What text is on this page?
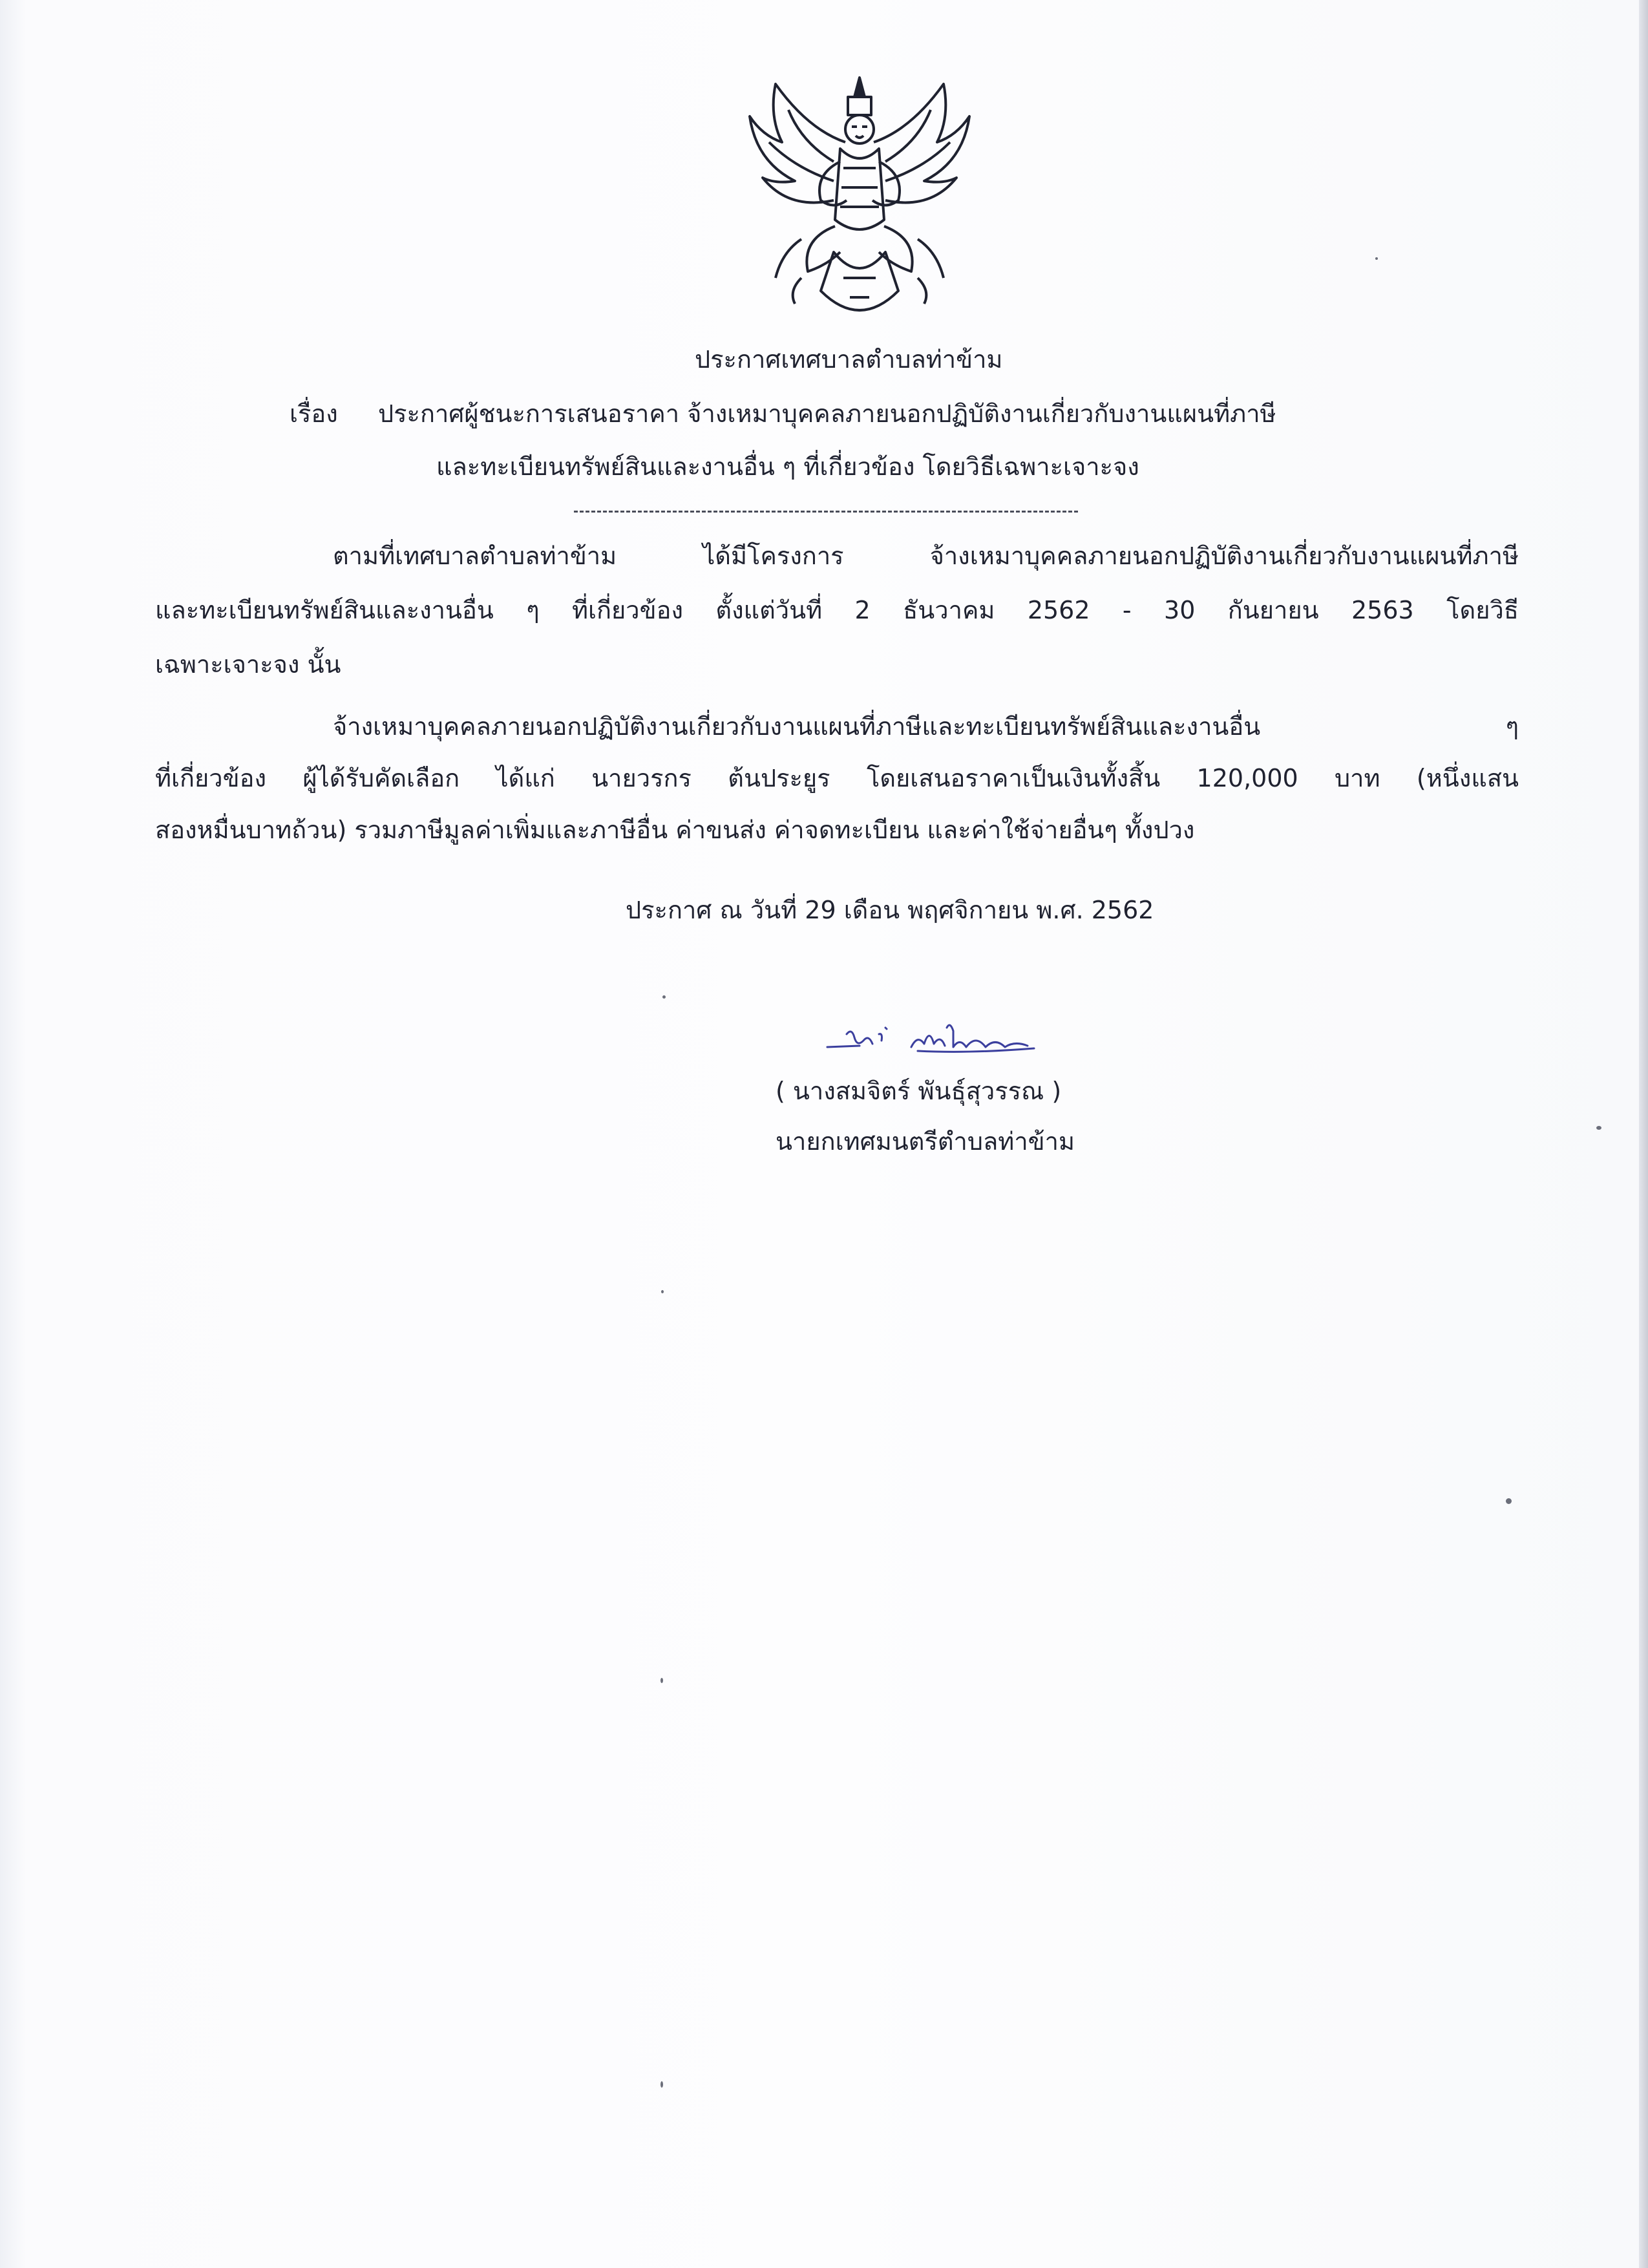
ประกาศเทศบาลตำบลท่าข้าม
เรื่อง ประกาศผู้ชนะการเสนอราคา จ้างเหมาบุคคลภายนอกปฏิบัติงานเกี่ยวกับงานแผนที่ภาษี
และทะเบียนทรัพย์สินและงานอื่น ๆ ที่เกี่ยวข้อง โดยวิธีเฉพาะเจาะจง
ตามที่เทศบาลตำบลท่าข้าม ได้มีโครงการ จ้างเหมาบุคคลภายนอกปฏิบัติงานเกี่ยวกับงานแผนที่ภาษี
และทะเบียนทรัพย์สินและงานอื่น ๆ ที่เกี่ยวข้อง ตั้งแต่วันที่ 2 ธันวาคม 2562 - 30 กันยายน 2563 โดยวิธี
เฉพาะเจาะจง นั้น
จ้างเหมาบุคคลภายนอกปฏิบัติงานเกี่ยวกับงานแผนที่ภาษีและทะเบียนทรัพย์สินและงานอื่น ๆ
ที่เกี่ยวข้อง ผู้ได้รับคัดเลือก ได้แก่ นายวรกร ต้นประยูร โดยเสนอราคาเป็นเงินทั้งสิ้น 120,000 บาท (หนึ่งแสน
สองหมื่นบาทถ้วน) รวมภาษีมูลค่าเพิ่มและภาษีอื่น ค่าขนส่ง ค่าจดทะเบียน และค่าใช้จ่ายอื่นๆ ทั้งปวง
ประกาศ ณ วันที่ 29 เดือน พฤศจิกายน พ.ศ. 2562
( นางสมจิตร์ พันธุ์สุวรรณ )
นายกเทศมนตรีตำบลท่าข้าม
